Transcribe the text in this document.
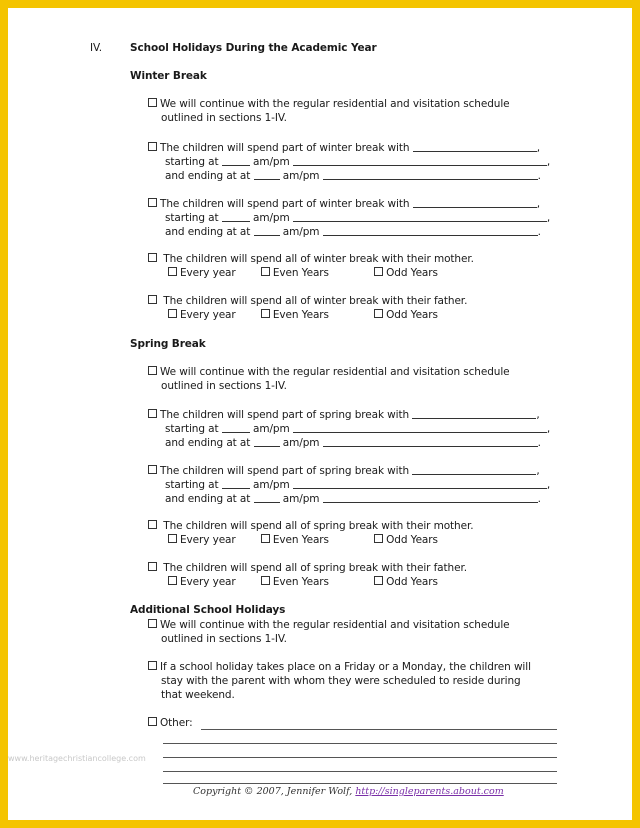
IV.	School Holidays During the Academic Year
Winter Break
We will continue with the regular residential and visitation schedule
outlined in sections 1-IV.
The children will spend part of winter break with	,
starting at	am/pm	,
and ending at at	am/pm	.
The children will spend part of winter break with	,
starting at	am/pm	,
and ending at at	am/pm	.
The children will spend all of winter break with their mother.
Every year	Even Years	Odd Years
The children will spend all of winter break with their father.
Every year	Even Years	Odd Years
Spring Break
We will continue with the regular residential and visitation schedule
outlined in sections 1-IV.
The children will spend part of spring break with	,
starting at	am/pm	,
and ending at at	am/pm	.
The children will spend part of spring break with	,
starting at	am/pm	,
and ending at at	am/pm	.
The children will spend all of spring break with their mother.
Every year	Even Years	Odd Years
The children will spend all of spring break with their father.
Every year	Even Years	Odd Years
Additional School Holidays
We will continue with the regular residential and visitation schedule
outlined in sections 1-IV.
If a school holiday takes place on a Friday or a Monday, the children will
stay with the parent with whom they were scheduled to reside during
that weekend.
Other:
www.heritagechristiancollege.com
Copyright © 2007, Jennifer Wolf, http://singleparents.about.com
